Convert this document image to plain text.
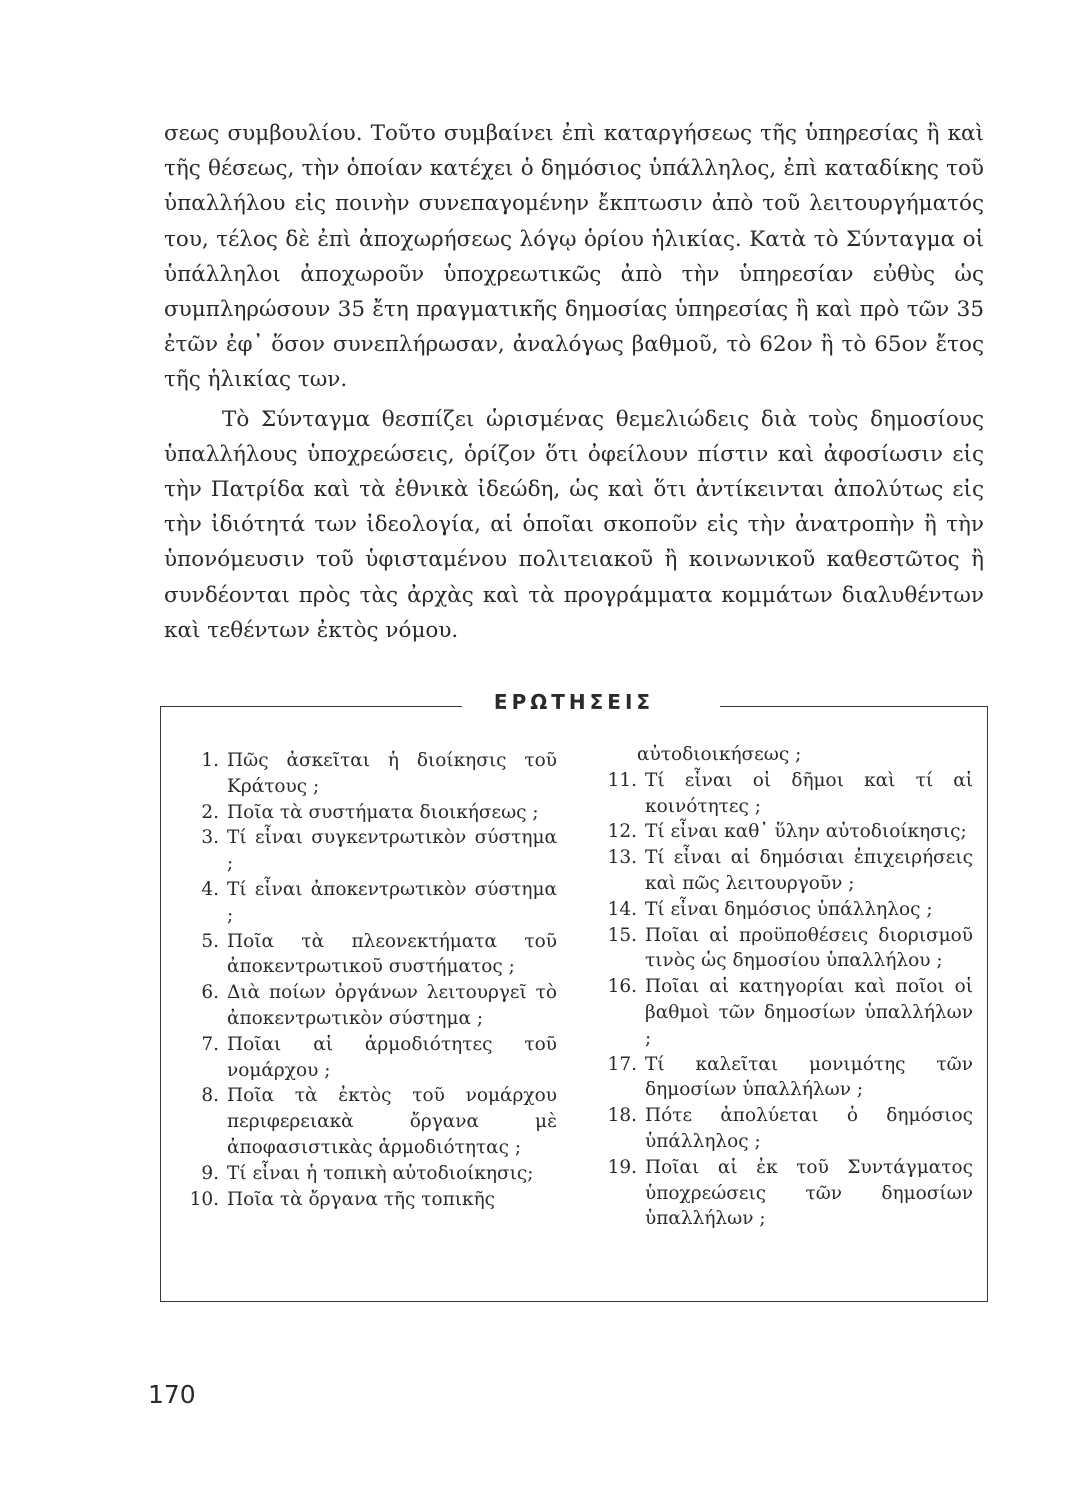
σεως συμβουλίου. Τοῦτο συμβαίνει ἐπὶ καταργήσεως τῆς ὑπηρεσίας ἢ καὶ τῆς θέσεως, τὴν ὁποίαν κατέχει ὁ δημόσιος ὑπάλληλος, ἐπὶ καταδίκης τοῦ ὑπαλλήλου εἰς ποινὴν συνεπαγομένην ἔκπτωσιν ἀπὸ τοῦ λειτουργήματός του, τέλος δὲ ἐπὶ ἀποχωρήσεως λόγῳ ὁρίου ἡλικίας. Κατὰ τὸ Σύνταγμα οἱ ὑπάλληλοι ἀποχωροῦν ὑποχρεωτικῶς ἀπὸ τὴν ὑπηρεσίαν εὐθὺς ὡς συμπληρώσουν 35 ἔτη πραγματικῆς δημοσίας ὑπηρεσίας ἢ καὶ πρὸ τῶν 35 ἐτῶν ἐφ᾽ ὅσον συνεπλήρωσαν, ἀναλόγως βαθμοῦ, τὸ 62ον ἢ τὸ 65ον ἔτος τῆς ἡλικίας των.

Τὸ Σύνταγμα θεσπίζει ὡρισμένας θεμελιώδεις διὰ τοὺς δημοσίους ὑπαλλήλους ὑποχρεώσεις, ὁρίζον ὅτι ὀφείλουν πίστιν καὶ ἀφοσίωσιν εἰς τὴν Πατρίδα καὶ τὰ ἐθνικὰ ἰδεώδη, ὡς καὶ ὅτι ἀντίκεινται ἀπολύτως εἰς τὴν ἰδιότητά των ἰδεολογία, αἱ ὁποῖαι σκοποῦν εἰς τὴν ἀνατροπὴν ἢ τὴν ὑπονόμευσιν τοῦ ὑφισταμένου πολιτειακοῦ ἢ κοινωνικοῦ καθεστῶτος ἢ συνδέονται πρὸς τὰς ἀρχὰς καὶ τὰ προγράμματα κομμάτων διαλυθέντων καὶ τεθέντων ἐκτὸς νόμου.

ΕΡΩΤΗΣΕΙΣ
1. Πῶς ἀσκεῖται ἡ διοίκησις τοῦ Κράτους ;
2. Ποῖα τὰ συστήματα διοικήσεως ;
3. Τί εἶναι συγκεντρωτικὸν σύστημα ;
4. Τί εἶναι ἀποκεντρωτικὸν σύστημα ;
5. Ποῖα τὰ πλεονεκτήματα τοῦ ἀποκεντρωτικοῦ συστήματος ;
6. Διὰ ποίων ὀργάνων λειτουργεῖ τὸ ἀποκεντρωτικὸν σύστημα ;
7. Ποῖαι αἱ ἁρμοδιότητες τοῦ νομάρχου ;
8. Ποῖα τὰ ἐκτὸς τοῦ νομάρχου περιφερειακὰ ὄργανα μὲ ἀποφασιστικὰς ἁρμοδιότητας ;
9. Τί εἶναι ἡ τοπικὴ αὐτοδιοίκησις;
10. Ποῖα τὰ ὄργανα τῆς τοπικῆς
αὐτοδιοικήσεως ;
11. Τί εἶναι οἱ δῆμοι καὶ τί αἱ κοινότητες ;
12. Τί εἶναι καθ᾽ ὕλην αὐτοδιοίκησις;
13. Τί εἶναι αἱ δημόσιαι ἐπιχειρήσεις καὶ πῶς λειτουργοῦν ;
14. Τί εἶναι δημόσιος ὑπάλληλος ;
15. Ποῖαι αἱ προϋποθέσεις διορισμοῦ τινὸς ὡς δημοσίου ὑπαλλήλου ;
16. Ποῖαι αἱ κατηγορίαι καὶ ποῖοι οἱ βαθμοὶ τῶν δημοσίων ὑπαλλήλων ;
17. Τί καλεῖται μονιμότης τῶν δημοσίων ὑπαλλήλων ;
18. Πότε ἀπολύεται ὁ δημόσιος ὑπάλληλος ;
19. Ποῖαι αἱ ἐκ τοῦ Συντάγματος ὑποχρεώσεις τῶν δημοσίων ὑπαλλήλων ;
170
